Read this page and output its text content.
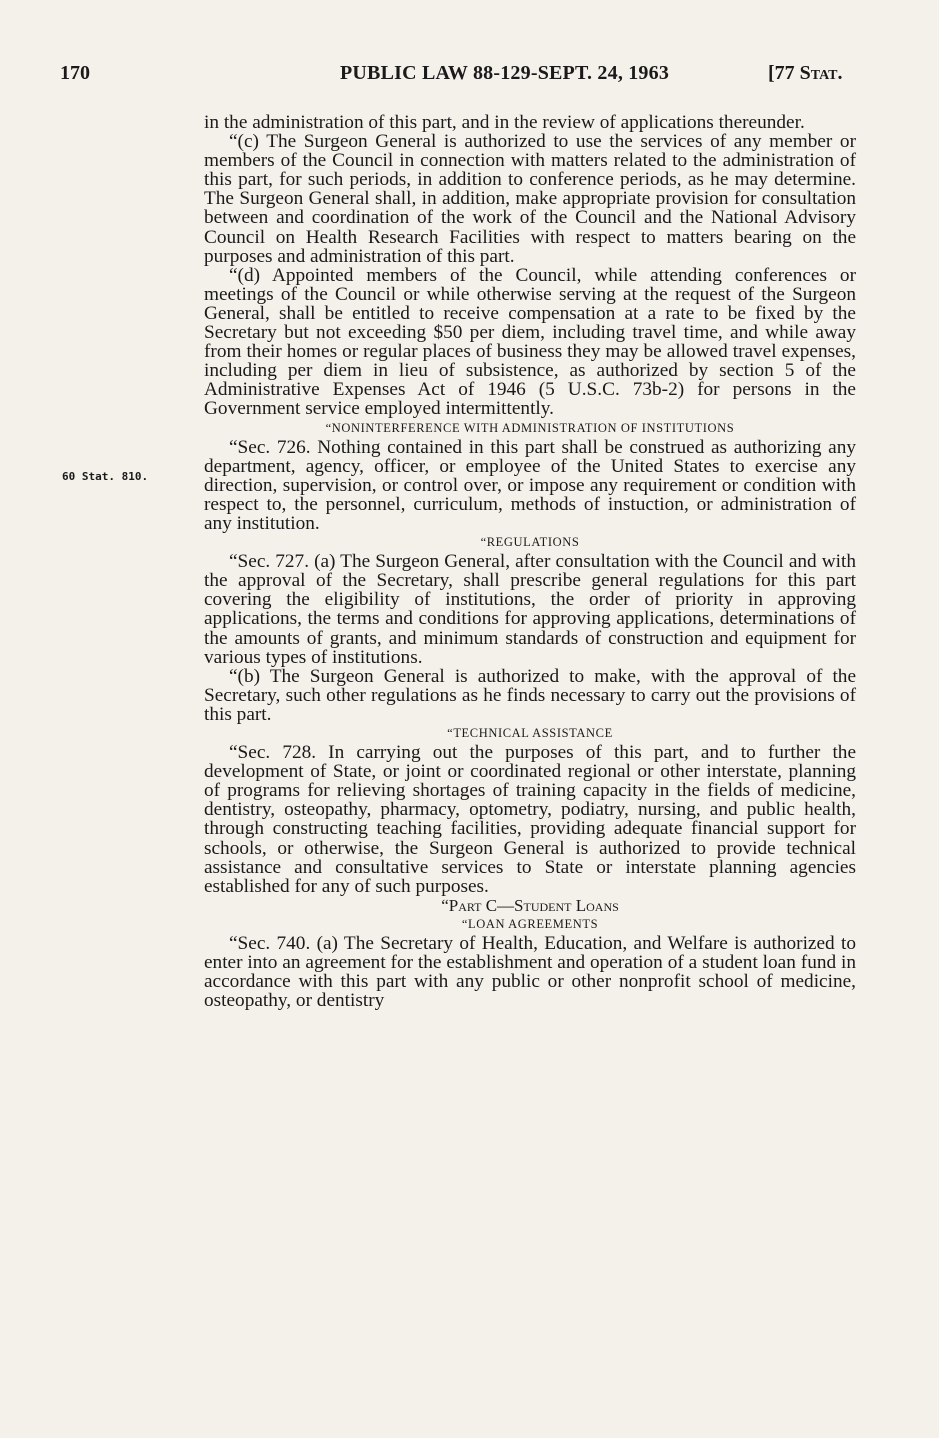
170	PUBLIC LAW 88-129-SEPT. 24, 1963	[77 Stat.
60 Stat. 810.

in the administration of this part, and in the review of applications thereunder.

“(c) The Surgeon General is authorized to use the services of any member or members of the Council in connection with matters related to the administration of this part, for such periods, in addition to conference periods, as he may determine. The Surgeon General shall, in addition, make appropriate provision for consultation between and coordination of the work of the Council and the National Advisory Council on Health Research Facilities with respect to matters bearing on the purposes and administration of this part.

“(d) Appointed members of the Council, while attending conferences or meetings of the Council or while otherwise serving at the request of the Surgeon General, shall be entitled to receive compensation at a rate to be fixed by the Secretary but not exceeding $50 per diem, including travel time, and while away from their homes or regular places of business they may be allowed travel expenses, including per diem in lieu of subsistence, as authorized by section 5 of the Administrative Expenses Act of 1946 (5 U.S.C. 73b-2) for persons in the Government service employed intermittently.

“NONINTERFERENCE WITH ADMINISTRATION OF INSTITUTIONS

“Sec. 726. Nothing contained in this part shall be construed as authorizing any department, agency, officer, or employee of the United States to exercise any direction, supervision, or control over, or impose any requirement or condition with respect to, the personnel, curriculum, methods of instuction, or administration of any institution.

“REGULATIONS

“Sec. 727. (a) The Surgeon General, after consultation with the Council and with the approval of the Secretary, shall prescribe general regulations for this part covering the eligibility of institutions, the order of priority in approving applications, the terms and conditions for approving applications, determinations of the amounts of grants, and minimum standards of construction and equipment for various types of institutions.

“(b) The Surgeon General is authorized to make, with the approval of the Secretary, such other regulations as he finds necessary to carry out the provisions of this part.

“TECHNICAL ASSISTANCE

“Sec. 728. In carrying out the purposes of this part, and to further the development of State, or joint or coordinated regional or other interstate, planning of programs for relieving shortages of training capacity in the fields of medicine, dentistry, osteopathy, pharmacy, optometry, podiatry, nursing, and public health, through constructing teaching facilities, providing adequate financial support for schools, or otherwise, the Surgeon General is authorized to provide technical assistance and consultative services to State or interstate planning agencies established for any of such purposes.

“Part C—Student Loans

“LOAN AGREEMENTS

“Sec. 740. (a) The Secretary of Health, Education, and Welfare is authorized to enter into an agreement for the establishment and operation of a student loan fund in accordance with this part with any public or other nonprofit school of medicine, osteopathy, or dentistry
